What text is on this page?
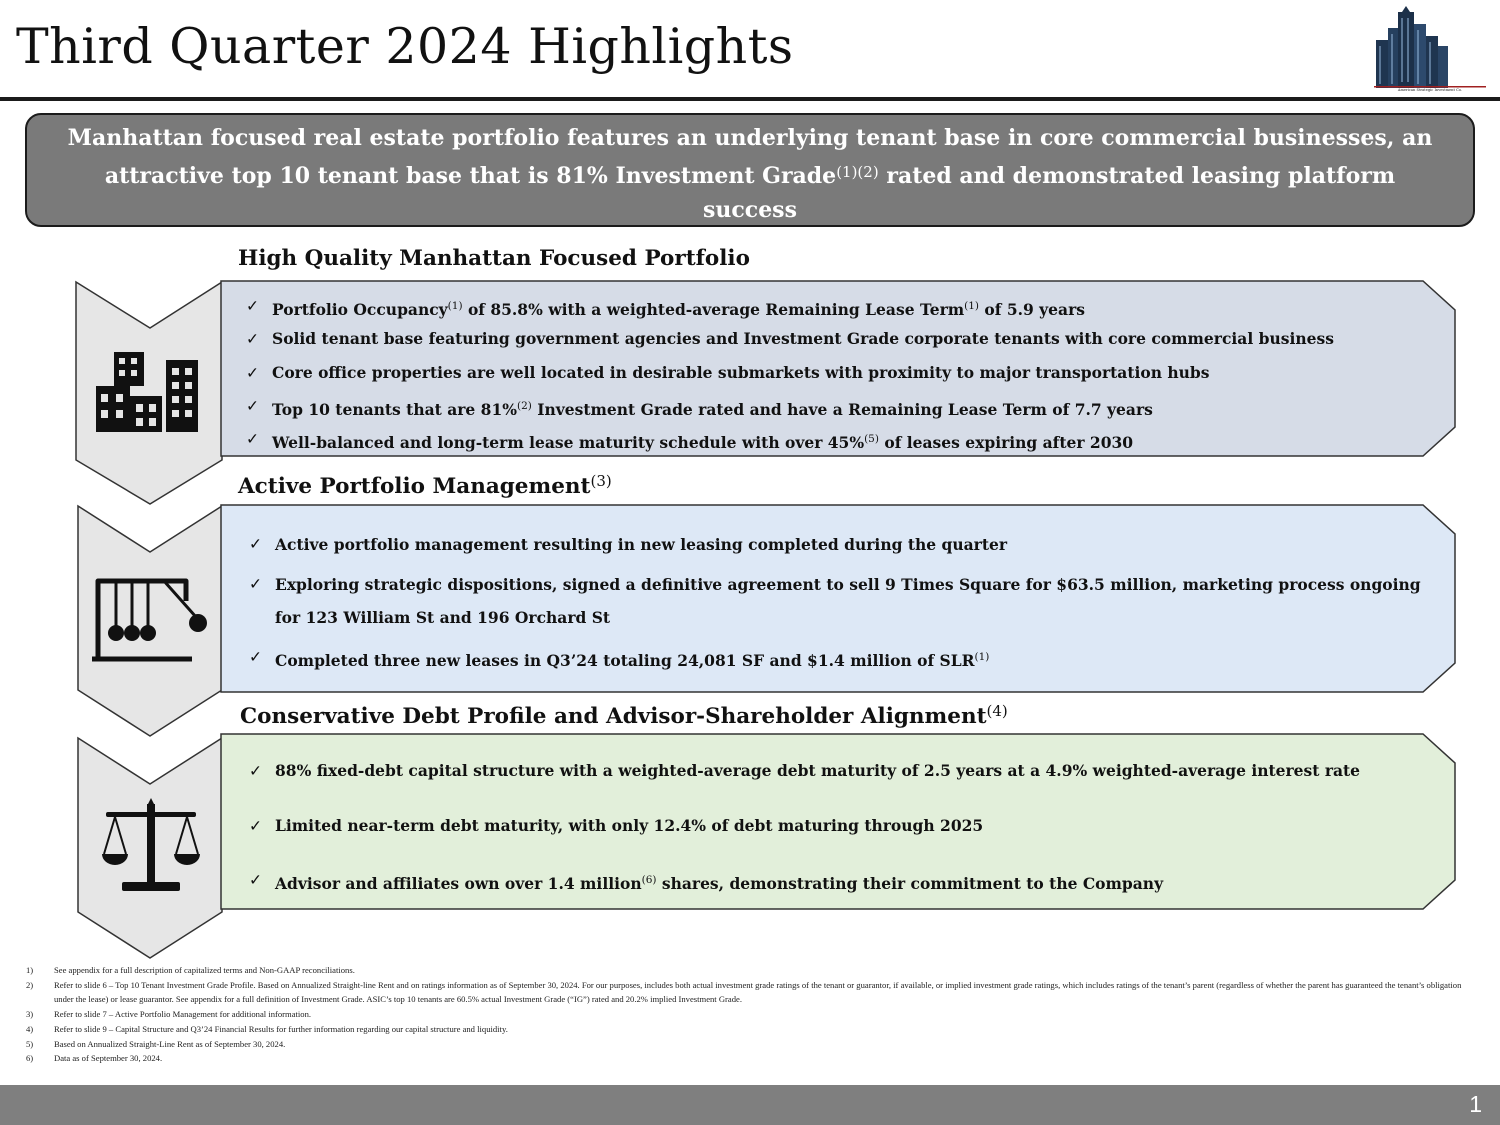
Third Quarter 2024 Highlights
American Strategic Investment Co.
Manhattan focused real estate portfolio features an underlying tenant base in core commercial businesses, an
attractive top 10 tenant base that is 81% Investment Grade$^{(1)(2)}$ rated and demonstrated leasing platform
success
High Quality Manhattan Focused Portfolio
Active Portfolio Management$^{(3)}$
Conservative Debt Profile and Advisor-Shareholder Alignment$^{(4)}$
✓ Portfolio Occupancy$^{(1)}$ of 85.8% with a weighted-average Remaining Lease Term$^{(1)}$ of 5.9 years
✓ Solid tenant base featuring government agencies and Investment Grade corporate tenants with core commercial business
✓ Core office properties are well located in desirable submarkets with proximity to major transportation hubs
✓ Top 10 tenants that are 81%$^{(2)}$ Investment Grade rated and have a Remaining Lease Term of 7.7 years
✓ Well-balanced and long-term lease maturity schedule with over 45%$^{(5)}$ of leases expiring after 2030
✓ Active portfolio management resulting in new leasing completed during the quarter
✓ Exploring strategic dispositions, signed a definitive agreement to sell 9 Times Square for $63.5 million, marketing process ongoing for 123 William St and 196 Orchard St
✓ Completed three new leases in Q3’24 totaling 24,081 SF and $1.4 million of SLR$^{(1)}$
✓ 88% fixed-debt capital structure with a weighted-average debt maturity of 2.5 years at a 4.9% weighted-average interest rate
✓ Limited near-term debt maturity, with only 12.4% of debt maturing through 2025
✓ Advisor and affiliates own over 1.4 million$^{(6)}$ shares, demonstrating their commitment to the Company
1) See appendix for a full description of capitalized terms and Non-GAAP reconciliations.
2) Refer to slide 6 – Top 10 Tenant Investment Grade Profile. Based on Annualized Straight-line Rent and on ratings information as of September 30, 2024. For our purposes, includes both actual investment grade ratings of the tenant or guarantor, if available, or implied investment grade ratings, which includes ratings of the tenant’s parent (regardless of whether the parent has guaranteed the tenant’s obligation under the lease) or lease guarantor. See appendix for a full definition of Investment Grade. ASIC’s top 10 tenants are 60.5% actual Investment Grade (“IG”) rated and 20.2% implied Investment Grade.
3) Refer to slide 7 – Active Portfolio Management for additional information.
4) Refer to slide 9 – Capital Structure and Q3’24 Financial Results for further information regarding our capital structure and liquidity.
5) Based on Annualized Straight-Line Rent as of September 30, 2024.
6) Data as of September 30, 2024.
1
